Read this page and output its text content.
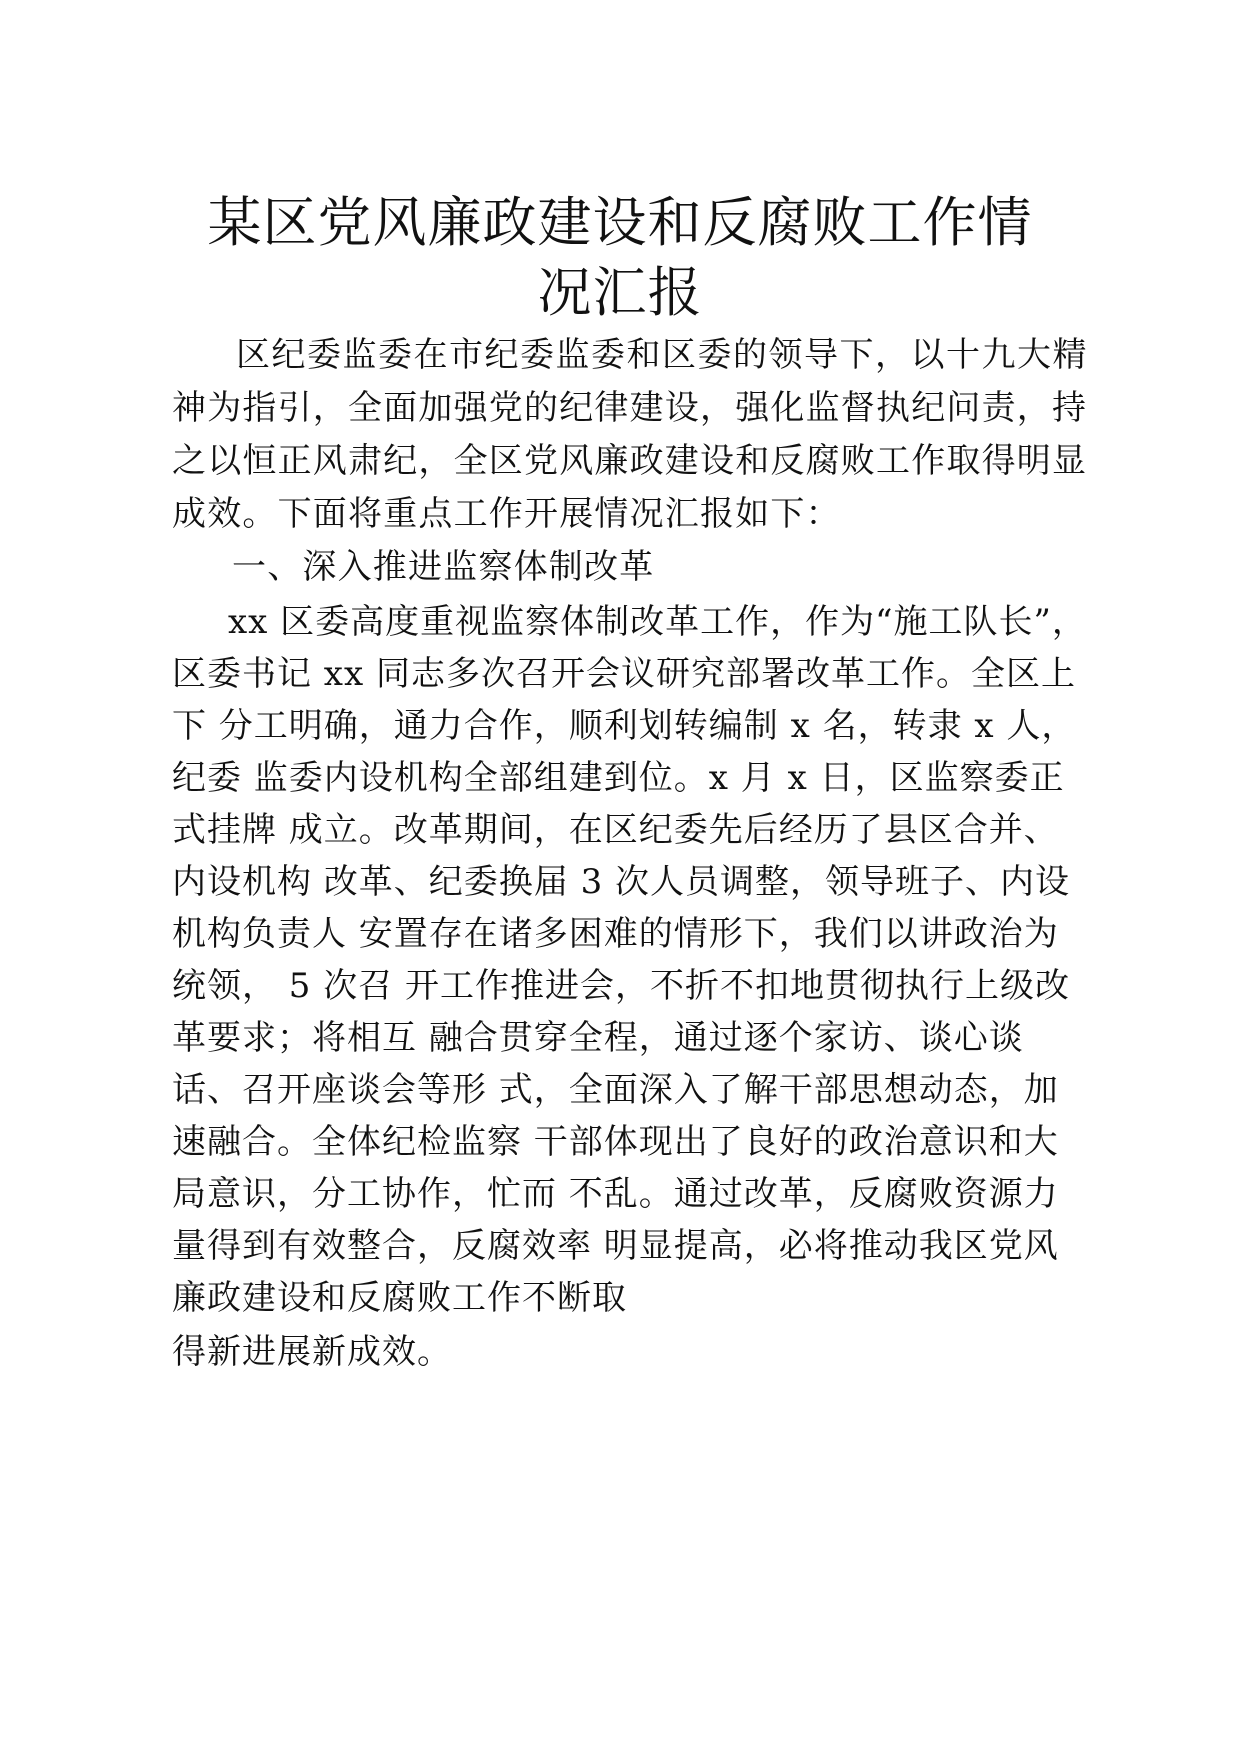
某区党风廉政建设和反腐败工作情
况汇报
区纪委监委在市纪委监委和区委的领导下，以十九大精
神为指引，全面加强党的纪律建设，强化监督执纪问责，持
之以恒正风肃纪，全区党风廉政建设和反腐败工作取得明显
成效。下面将重点工作开展情况汇报如下：
一、深入推进监察体制改革
xx 区委高度重视监察体制改革工作，作为“施工队长”，
区委书记 xx 同志多次召开会议研究部署改革工作。全区上
下 分工明确，通力合作，顺利划转编制 x 名，转隶 x 人，
纪委 监委内设机构全部组建到位。x 月 x 日，区监察委正
式挂牌 成立。改革期间，在区纪委先后经历了县区合并、
内设机构 改革、纪委换届 3 次人员调整，领导班子、内设
机构负责人 安置存在诸多困难的情形下，我们以讲政治为
统领， 5 次召 开工作推进会，不折不扣地贯彻执行上级改
革要求；将相互 融合贯穿全程，通过逐个家访、谈心谈
话、召开座谈会等形 式，全面深入了解干部思想动态，加
速融合。全体纪检监察 干部体现出了良好的政治意识和大
局意识，分工协作，忙而 不乱。通过改革，反腐败资源力
量得到有效整合，反腐效率 明显提高，必将推动我区党风
廉政建设和反腐败工作不断取
得新进展新成效。
